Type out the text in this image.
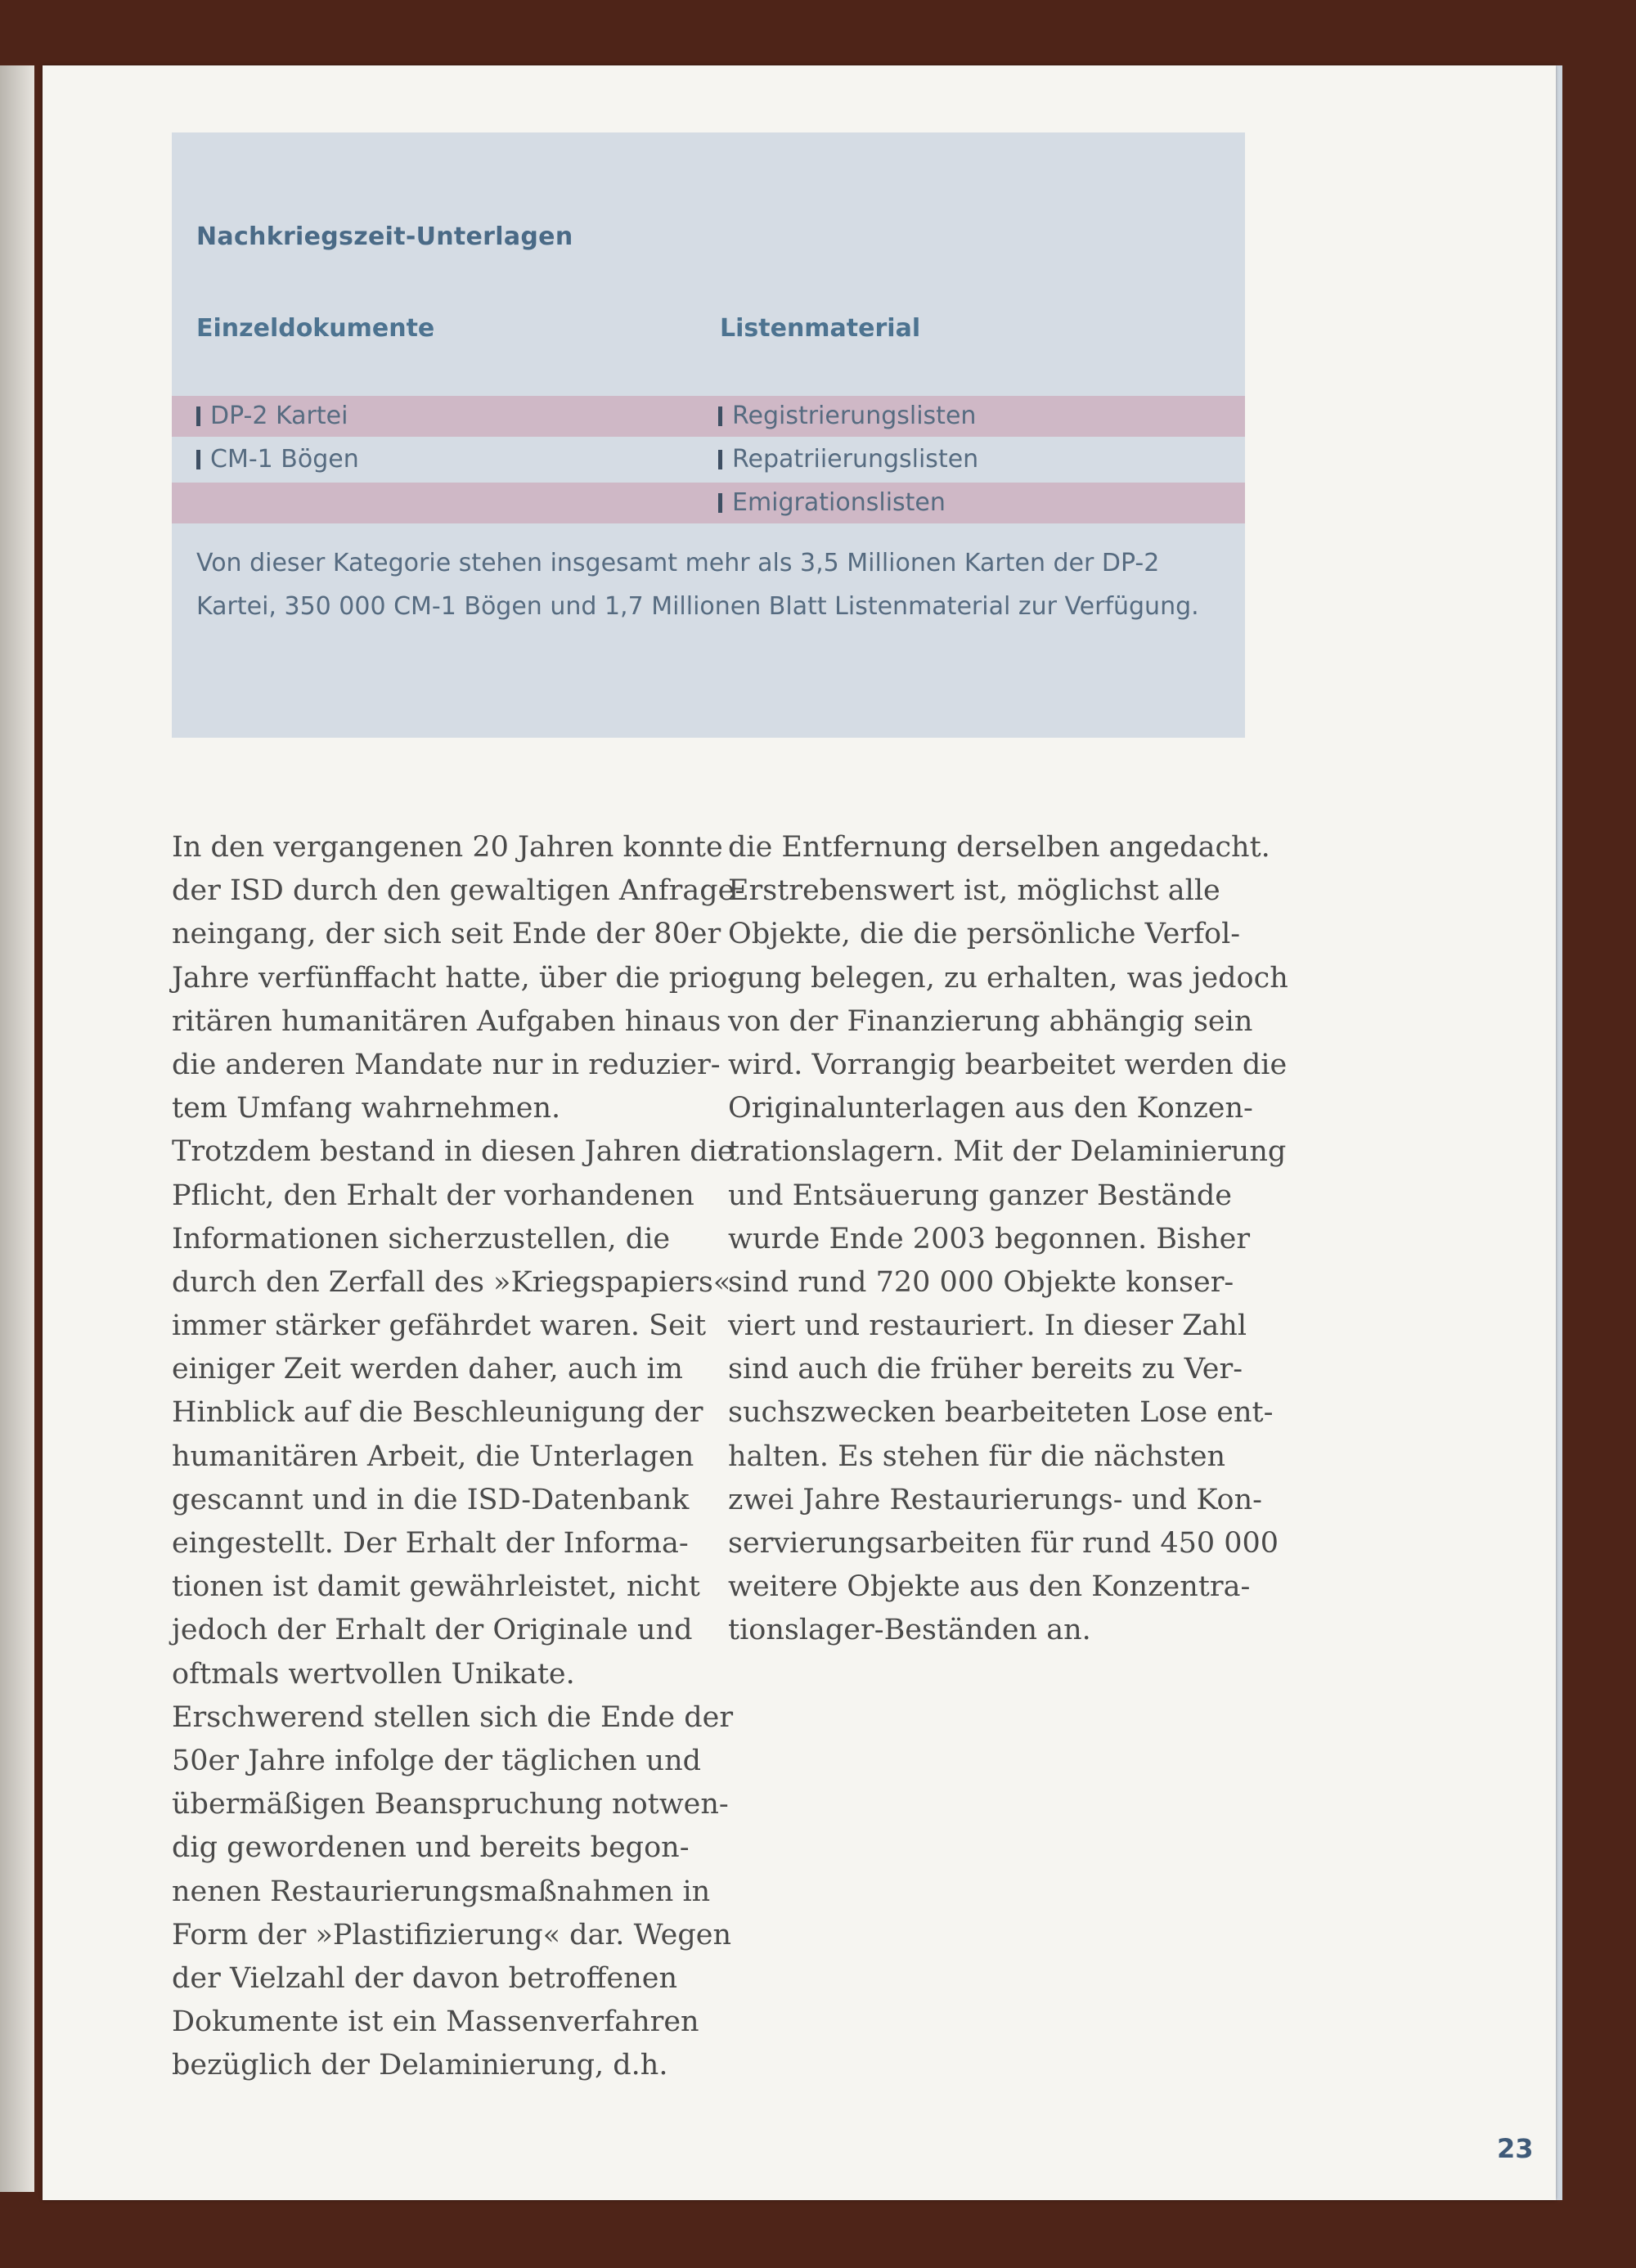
Nachkriegszeit-Unterlagen
Einzeldokumente	Listenmaterial
DP-2 Kartei
CM-1 Bögen
Registrierungslisten
Repatriierungslisten
Emigrationslisten

Von dieser Kategorie stehen insgesamt mehr als 3,5 Millionen Karten der DP-2 Kartei, 350 000 CM-1 Bögen und 1,7 Millionen Blatt Listenmaterial zur Verfügung.

In den vergangenen 20 Jahren konnte
der ISD durch den gewaltigen Anfrage-
neingang, der sich seit Ende der 80er
Jahre verfünffacht hatte, über die prio-
ritären humanitären Aufgaben hinaus
die anderen Mandate nur in reduzier-
tem Umfang wahrnehmen.
Trotzdem bestand in diesen Jahren die
Pflicht, den Erhalt der vorhandenen
Informationen sicherzustellen, die
durch den Zerfall des »Kriegspapiers«
immer stärker gefährdet waren. Seit
einiger Zeit werden daher, auch im
Hinblick auf die Beschleunigung der
humanitären Arbeit, die Unterlagen
gescannt und in die ISD-Datenbank
eingestellt. Der Erhalt der Informa-
tionen ist damit gewährleistet, nicht
jedoch der Erhalt der Originale und
oftmals wertvollen Unikate.
Erschwerend stellen sich die Ende der
50er Jahre infolge der täglichen und
übermäßigen Beanspruchung notwen-
dig gewordenen und bereits begon-
nenen Restaurierungsmaßnahmen in
Form der »Plastifizierung« dar. Wegen
der Vielzahl der davon betroffenen
Dokumente ist ein Massenverfahren
bezüglich der Delaminierung, d.h.
die Entfernung derselben angedacht.
Erstrebenswert ist, möglichst alle
Objekte, die die persönliche Verfol-
gung belegen, zu erhalten, was jedoch
von der Finanzierung abhängig sein
wird. Vorrangig bearbeitet werden die
Originalunterlagen aus den Konzen-
trationslagern. Mit der Delaminierung
und Entsäuerung ganzer Bestände
wurde Ende 2003 begonnen. Bisher
sind rund 720 000 Objekte konser-
viert und restauriert. In dieser Zahl
sind auch die früher bereits zu Ver-
suchszwecken bearbeiteten Lose ent-
halten. Es stehen für die nächsten
zwei Jahre Restaurierungs- und Kon-
servierungsarbeiten für rund 450 000
weitere Objekte aus den Konzentra-
tionslager-Beständen an.
23
